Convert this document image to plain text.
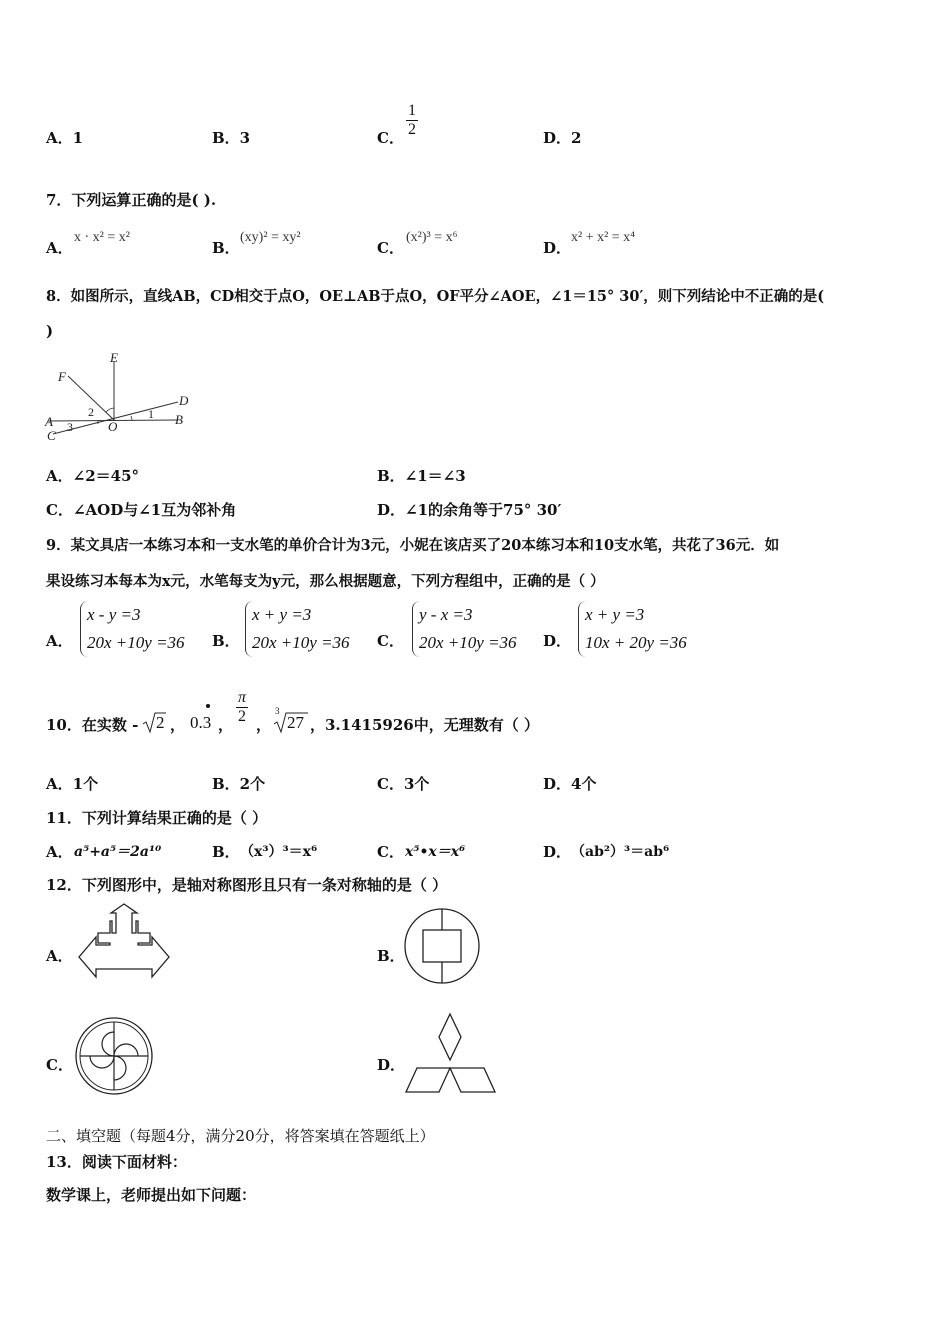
A．1	B．3	C． $\frac{1}{2}$	D．2
7．下列运算正确的是( ).
A．
x · x² = x²
B．
(xy)² = xy²
C．
(x²)³ = x⁶
D．
x² + x² = x⁴
8．如图所示，直线AB，CD相交于点O，OE⊥AB于点O，OF平分∠AOE，∠1＝15° 30′，则下列结论中不正确的是(
)
E
F
D
A	B
C
O
1
2
3
A．∠2＝45°	B．∠1＝∠3
C．∠AOD与∠1互为邻补角	D．∠1的余角等于75° 30′
9．某文具店一本练习本和一支水笔的单价合计为3元，小妮在该店买了20本练习本和10支水笔，共花了36元．如
果设练习本每本为x元，水笔每支为y元，那么根据题意，下列方程组中，正确的是（ ）
A．
x - y =3
20x +10y =36 B．
x + y =3
20x +10y =36 C．
y - x =3
20x +10y =36 D．
x + y =3
10x + 20y =36
10．在实数 - 2 ， 0.3 ， $\frac{\pi}{2}$ ，
3
27 ，3.1415926中，无理数有（ ）
A．1个	B．2个	C．3个	D．4个
11．下列计算结果正确的是（ ）
A． a⁵+a⁵＝2a¹⁰	B． （x³）³＝x⁶	C． x⁵•x＝x⁶	D． （ab²）³＝ab⁶
12．下列图形中，是轴对称图形且只有一条对称轴的是（ ）
A．	B．
C．	D．
二、填空题（每题4分，满分20分，将答案填在答题纸上）
13．阅读下面材料：
数学课上，老师提出如下问题：
